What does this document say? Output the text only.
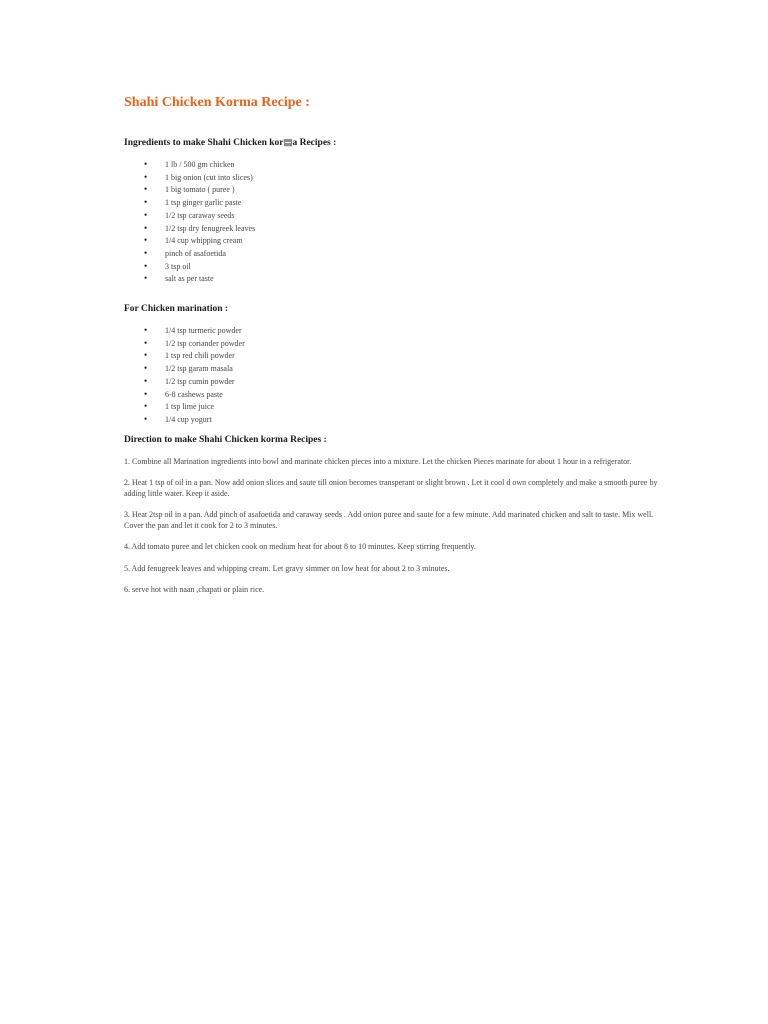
Shahi Chicken Korma Recipe :
Ingredients to make Shahi Chicken kor▤a Recipes :
• 1 lb / 500 gm chicken
• 1 big onion (cut into slices)
• 1 big tomato ( puree )
• 1 tsp ginger garlic paste
• 1/2 tsp caraway seeds
• 1/2 tsp dry fenugreek leaves
• 1/4 cup whipping cream
• pinch of asafoetida
• 3 tsp oil
• salt as per taste
For Chicken marination :
• 1/4 tsp turmeric powder
• 1/2 tsp coriander powder
• 1 tsp red chili powder
• 1/2 tsp garam masala
• 1/2 tsp cumin powder
• 6-8 cashews paste
• 1 tsp lime juice
• 1/4 cup yogurt
Direction to make Shahi Chicken korma Recipes :

1. Combine all Marination ingredients into bowl and marinate chicken pieces into a mixture. Let the chicken Pieces marinate for about 1 hour in a refrigerator.

2. Heat 1 tsp of oil in a pan. Now add onion slices and saute till onion becomes transperant or slight brown . Let it cool d own completely and make a smooth puree by adding little water. Keep it aside.

3. Heat 2tsp oil in a pan. Add pinch of asafoetida and caraway seeds . Add onion puree and saute for a few minute. Add marinated chicken and salt to taste. Mix well. Cover the pan and let it cook for 2 to 3 minutes.

4. Add tomato puree and let chicken cook on medium heat for about 8 to 10 minutes. Keep stirring frequently.

5. Add fenugreek leaves and whipping cream. Let gravy simmer on low heat for about 2 to 3 minutes.

6. serve hot with naan ,chapati or plain rice.
